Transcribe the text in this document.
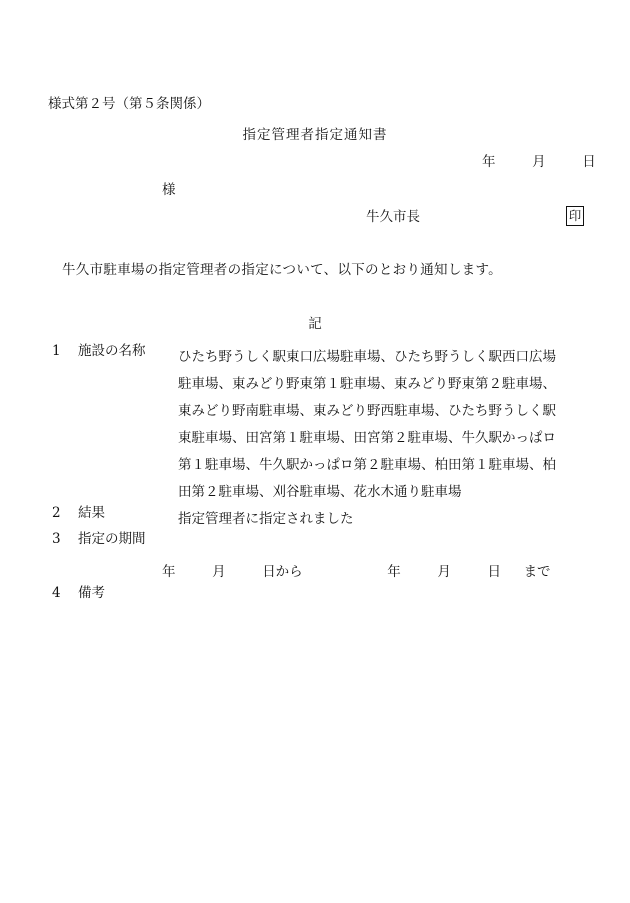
様式第２号（第５条関係）
指定管理者指定通知書
年	月	日
様
牛久市長	印
牛久市駐車場の指定管理者の指定について、以下のとおり通知します。
記
1 施設の名称 ひたち野うしく駅東口広場駐車場、ひたち野うしく駅西口広場
駐車場、東みどり野東第１駐車場、東みどり野東第２駐車場、
東みどり野南駐車場、東みどり野西駐車場、ひたち野うしく駅
東駐車場、田宮第１駐車場、田宮第２駐車場、牛久駅かっぱロ
第１駐車場、牛久駅かっぱロ第２駐車場、柏田第１駐車場、柏
田第２駐車場、刈谷駐車場、花水木通り駐車場
2 結果	指定管理者に指定されました
3 指定の期間
年	月	日から	年	月	日 まで
4 備考
